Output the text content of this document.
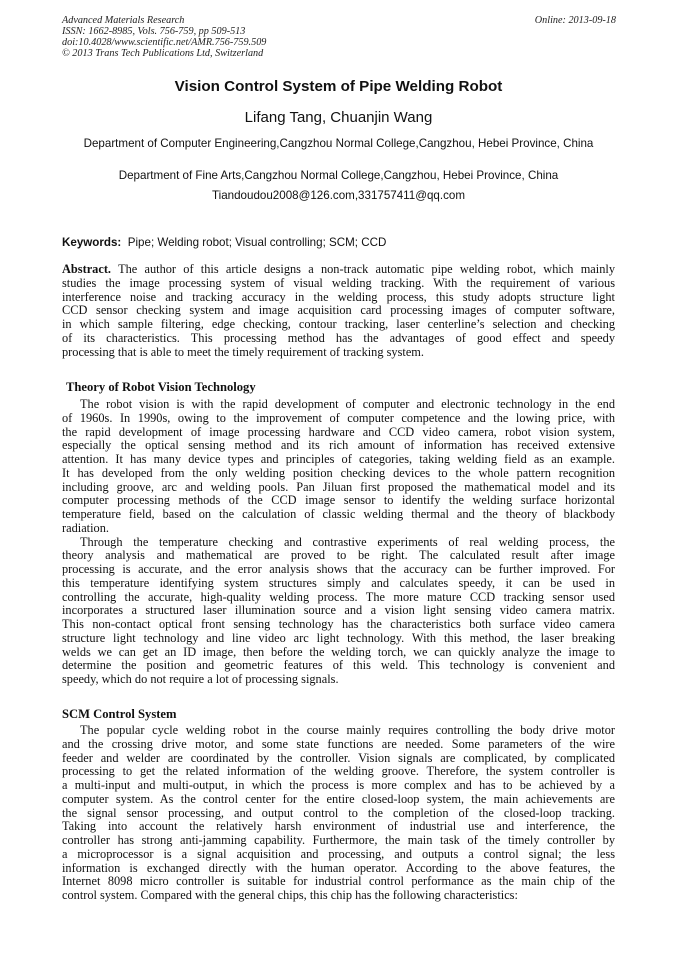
Advanced Materials Research
ISSN: 1662-8985, Vols. 756-759, pp 509-513
doi:10.4028/www.scientific.net/AMR.756-759.509
© 2013 Trans Tech Publications Ltd, Switzerland
Online: 2013-09-18
Vision Control System of Pipe Welding Robot
Lifang Tang, Chuanjin Wang
Department of Computer Engineering,Cangzhou Normal College,Cangzhou, Hebei Province, China
Department of Fine Arts,Cangzhou Normal College,Cangzhou, Hebei Province, China
Tiandoudou2008@126.com,331757411@qq.com
Keywords: Pipe; Welding robot; Visual controlling; SCM; CCD
Abstract. The author of this article designs a non-track automatic pipe welding robot, which mainly
studies the image processing system of visual welding tracking. With the requirement of various
interference noise and tracking accuracy in the welding process, this study adopts structure light
CCD sensor checking system and image acquisition card processing images of computer software,
in which sample filtering, edge checking, contour tracking, laser centerline’s selection and checking
of its characteristics. This processing method has the advantages of good effect and speedy
processing that is able to meet the timely requirement of tracking system.
Theory of Robot Vision Technology
The robot vision is with the rapid development of computer and electronic technology in the end
of 1960s. In 1990s, owing to the improvement of computer competence and the lowing price, with
the rapid development of image processing hardware and CCD video camera, robot vision system,
especially the optical sensing method and its rich amount of information has received extensive
attention. It has many device types and principles of categories, taking welding field as an example.
It has developed from the only welding position checking devices to the whole pattern recognition
including groove, arc and welding pools. Pan Jiluan first proposed the mathematical model and its
computer processing methods of the CCD image sensor to identify the welding surface horizontal
temperature field, based on the calculation of classic welding thermal and the theory of blackbody
radiation.
Through the temperature checking and contrastive experiments of real welding process, the
theory analysis and mathematical are proved to be right. The calculated result after image
processing is accurate, and the error analysis shows that the accuracy can be further improved. For
this temperature identifying system structures simply and calculates speedy, it can be used in
controlling the accurate, high-quality welding process. The more mature CCD tracking sensor used
incorporates a structured laser illumination source and a vision light sensing video camera matrix.
This non-contact optical front sensing technology has the characteristics both surface video camera
structure light technology and line video arc light technology. With this method, the laser breaking
welds we can get an ID image, then before the welding torch, we can quickly analyze the image to
determine the position and geometric features of this weld. This technology is convenient and
speedy, which do not require a lot of processing signals.
SCM Control System
The popular cycle welding robot in the course mainly requires controlling the body drive motor
and the crossing drive motor, and some state functions are needed. Some parameters of the wire
feeder and welder are coordinated by the controller. Vision signals are complicated, by complicated
processing to get the related information of the welding groove. Therefore, the system controller is
a multi-input and multi-output, in which the process is more complex and has to be achieved by a
computer system. As the control center for the entire closed-loop system, the main achievements are
the signal sensor processing, and output control to the completion of the closed-loop tracking.
Taking into account the relatively harsh environment of industrial use and interference, the
controller has strong anti-jamming capability. Furthermore, the main task of the timely controller by
a microprocessor is a signal acquisition and processing, and outputs a control signal; the less
information is exchanged directly with the human operator. According to the above features, the
Internet 8098 micro controller is suitable for industrial control performance as the main chip of the
control system. Compared with the general chips, this chip has the following characteristics:
